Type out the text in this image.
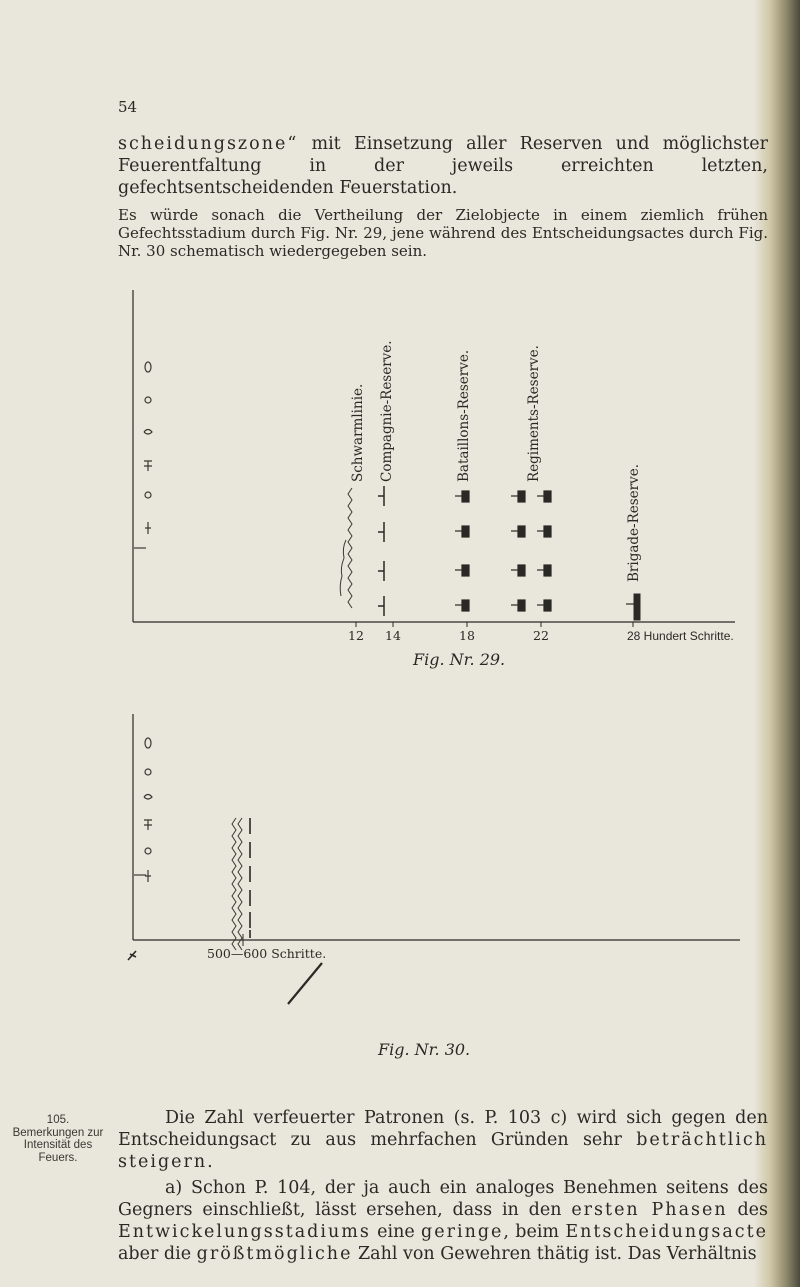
54

scheidungszone“ mit Einsetzung aller Reserven und möglichster Feuerentfaltung in der jeweils erreichten letzten, gefechtsentscheidenden Feuerstation.

Es würde sonach die Vertheilung der Zielobjecte in einem ziemlich frühen Gefechtsstadium durch Fig. Nr. 29, jene während des Entscheidungsactes durch Fig. Nr. 30 schematisch wiedergegeben sein.

Schwarmlinie. Compagnie-Reserve.	Bataillons-Reserve.	Regiments-Reserve.
Brigade-Reserve.
12 14	18	22	28 Hundert Schritte.
500—600 Schritte.
Fig. Nr. 29.
Fig. Nr. 30.
105. Bemerkungen zur Intensität des Feuers.

Die Zahl verfeuerter Patronen (s. P. 103 c) wird sich gegen den Entscheidungsact zu aus mehrfachen Gründen sehr beträchtlich steigern.

a) Schon P. 104, der ja auch ein analoges Benehmen seitens des Gegners einschließt, lässt ersehen, dass in den ersten Phasen des Entwickelungsstadiums eine geringe, beim Entscheidungsacte aber die größtmögliche Zahl von Gewehren thätig ist. Das Verhältnis
